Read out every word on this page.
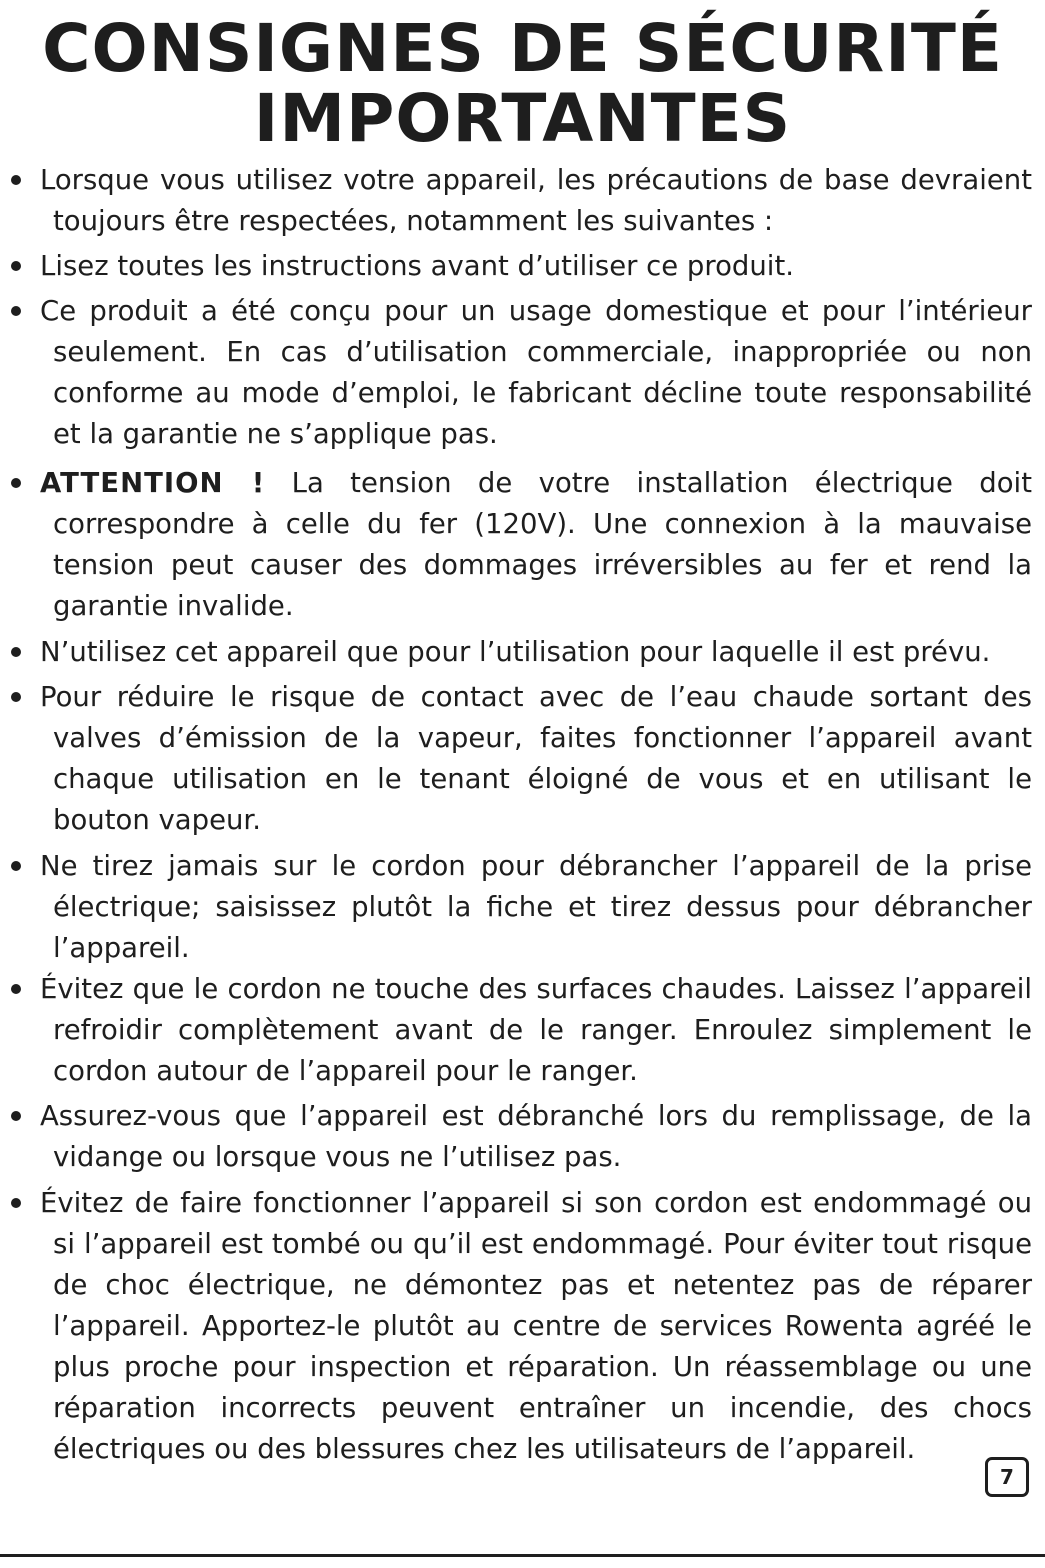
CONSIGNES DE SÉCURITÉ
IMPORTANTES
Lorsque vous utilisez votre appareil, les précautions de base devraient toujours être respectées, notamment les suivantes :
Lisez toutes les instructions avant d’utiliser ce produit.
Ce produit a été conçu pour un usage domestique et pour l’intérieur seulement. En cas d’utilisation commerciale, inappropriée ou non conforme au mode d’emploi, le fabricant décline toute responsabilité et la garantie ne s’applique pas.
ATTENTION ! La tension de votre installation électrique doit correspondre à celle du fer (120V). Une connexion à la mauvaise tension peut causer des dommages irréversibles au fer et rend la garantie invalide.
N’utilisez cet appareil que pour l’utilisation pour laquelle il est prévu.
Pour réduire le risque de contact avec de l’eau chaude sortant des valves d’émission de la vapeur, faites fonctionner l’appareil avant chaque utilisation en le tenant éloigné de vous et en utilisant le bouton vapeur.
Ne tirez jamais sur le cordon pour débrancher l’appareil de la prise électrique; saisissez plutôt la fiche et tirez dessus pour débrancher l’appareil.
Évitez que le cordon ne touche des surfaces chaudes. Laissez l’appareil refroidir complètement avant de le ranger. Enroulez simplement le cordon autour de l’appareil pour le ranger.
Assurez-vous que l’appareil est débranché lors du remplissage, de la vidange ou lorsque vous ne l’utilisez pas.
Évitez de faire fonctionner l’appareil si son cordon est endommagé ou si l’appareil est tombé ou qu’il est endommagé. Pour éviter tout risque de choc électrique, ne démontez pas et netentez pas de réparer l’appareil. Apportez-le plutôt au centre de services Rowenta agréé le plus proche pour inspection et réparation. Un réassemblage ou une réparation incorrects peuvent entraîner un incendie, des chocs électriques ou des blessures chez les utilisateurs de l’appareil.
7
